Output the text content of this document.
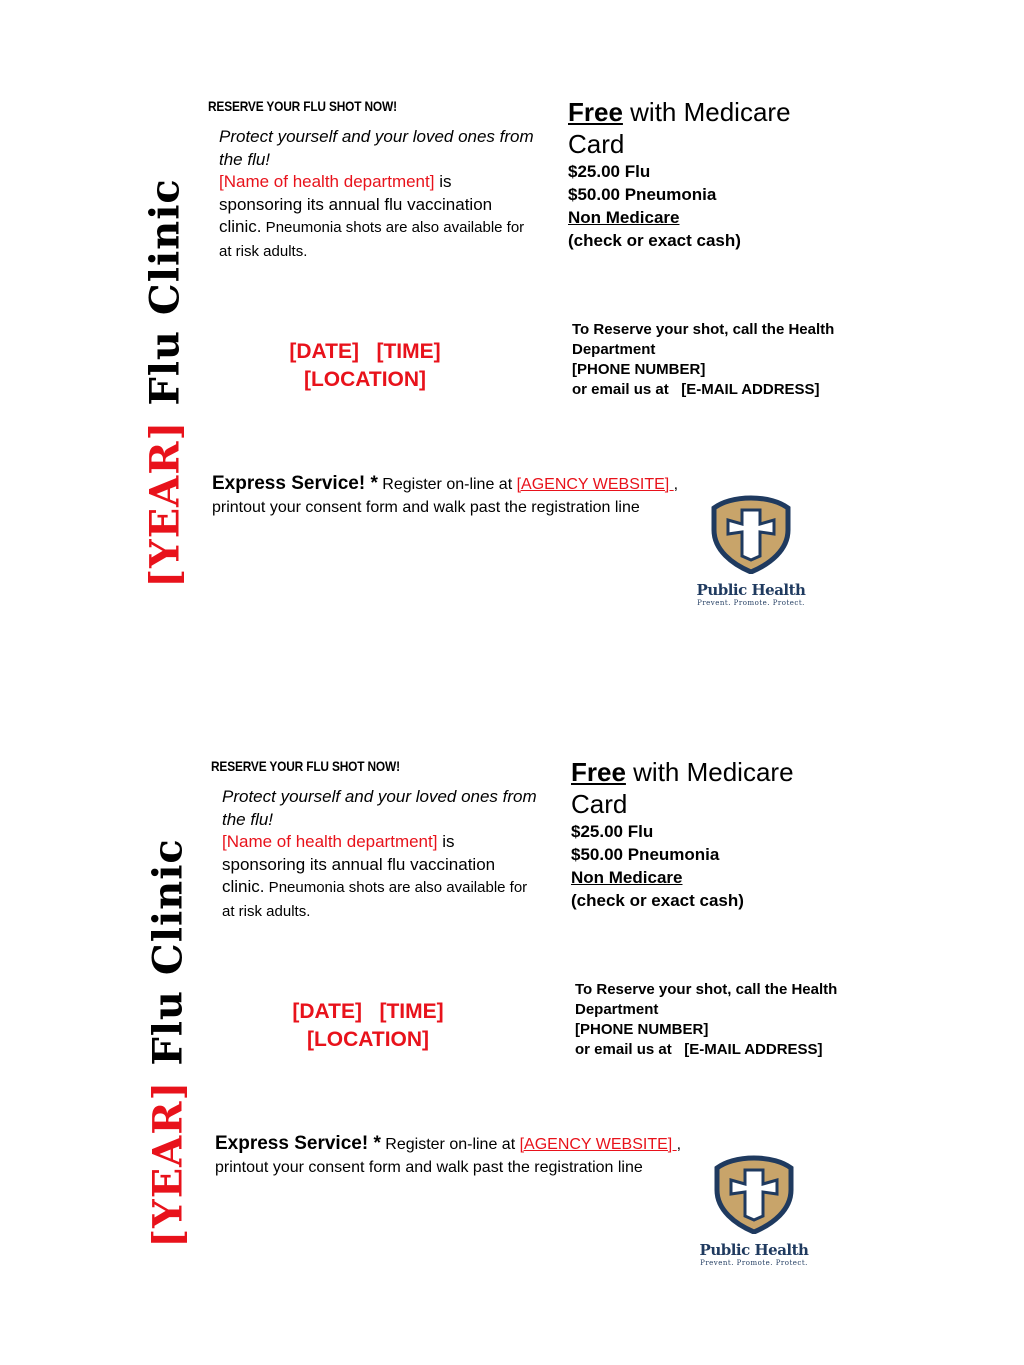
[YEAR] Flu Clinic
RESERVE YOUR FLU SHOT NOW!
Protect yourself and your loved ones from the flu!
[Name of health department] is sponsoring its annual flu vaccination clinic. Pneumonia shots are also available for at risk adults.
[DATE]   [TIME]
[LOCATION]
Express Service! * Register on-line at [AGENCY WEBSITE] , printout your consent form and walk past the registration line
Public Health
Prevent. Promote. Protect.
Free with Medicare Card
$25.00 Flu
$50.00 Pneumonia
Non Medicare
(check or exact cash)
To Reserve your shot, call the Health Department
[PHONE NUMBER]
or email us at   [E-MAIL ADDRESS]
[YEAR] Flu Clinic
RESERVE YOUR FLU SHOT NOW!
Protect yourself and your loved ones from the flu!
[Name of health department] is sponsoring its annual flu vaccination clinic. Pneumonia shots are also available for at risk adults.
[DATE]   [TIME]
[LOCATION]
Express Service! * Register on-line at [AGENCY WEBSITE] , printout your consent form and walk past the registration line
Public Health
Prevent. Promote. Protect.
Free with Medicare Card
$25.00 Flu
$50.00 Pneumonia
Non Medicare
(check or exact cash)
To Reserve your shot, call the Health Department
[PHONE NUMBER]
or email us at   [E-MAIL ADDRESS]
